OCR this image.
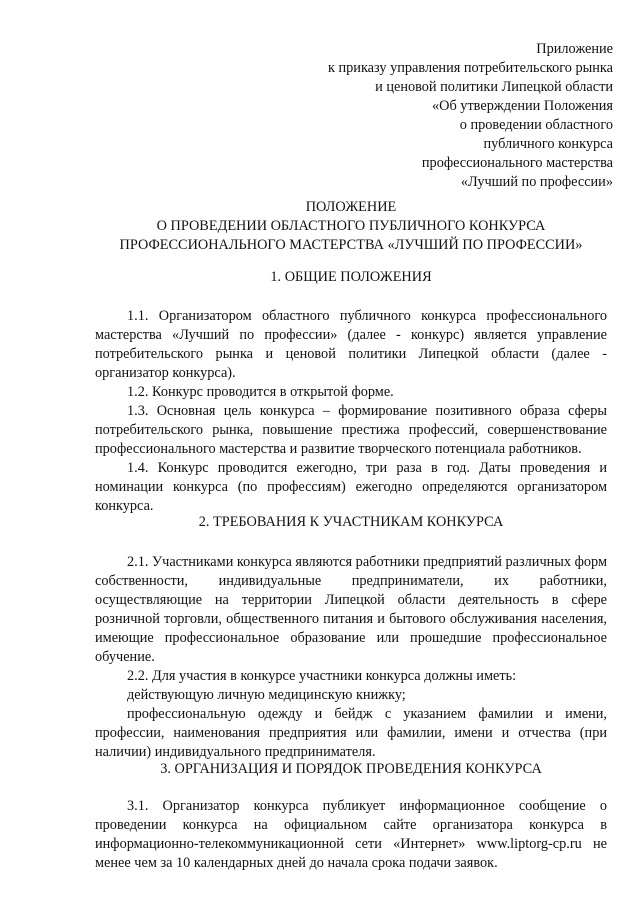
Приложение
к приказу управления потребительского рынка
и ценовой политики Липецкой области
«Об утверждении Положения
о проведении областного
публичного конкурса
профессионального мастерства
«Лучший по профессии»
ПОЛОЖЕНИЕ
О ПРОВЕДЕНИИ ОБЛАСТНОГО ПУБЛИЧНОГО КОНКУРСА
ПРОФЕССИОНАЛЬНОГО МАСТЕРСТВА «ЛУЧШИЙ ПО ПРОФЕССИИ»
1. ОБЩИЕ ПОЛОЖЕНИЯ

1.1. Организатором областного публичного конкурса профессионального мастерства «Лучший по профессии» (далее - конкурс) является управление потребительского рынка и ценовой политики Липецкой области (далее - организатор конкурса).

1.2. Конкурс проводится в открытой форме.

1.3. Основная цель конкурса – формирование позитивного образа сферы потребительского рынка, повышение престижа профессий, совершенствование профессионального мастерства и развитие творческого потенциала работников.

1.4. Конкурс проводится ежегодно, три раза в год. Даты проведения и номинации конкурса (по профессиям) ежегодно определяются организатором конкурса.

2. ТРЕБОВАНИЯ К УЧАСТНИКАМ КОНКУРСА

2.1. Участниками конкурса являются работники предприятий различных форм собственности, индивидуальные предприниматели, их работники, осуществляющие на территории Липецкой области деятельность в сфере розничной торговли, общественного питания и бытового обслуживания населения, имеющие профессиональное образование или прошедшие профессиональное обучение.

2.2. Для участия в конкурсе участники конкурса должны иметь:

действующую личную медицинскую книжку;

профессиональную одежду и бейдж с указанием фамилии и имени, профессии, наименования предприятия или фамилии, имени и отчества (при наличии) индивидуального предпринимателя.

3. ОРГАНИЗАЦИЯ И ПОРЯДОК ПРОВЕДЕНИЯ КОНКУРСА

3.1. Организатор конкурса публикует информационное сообщение о проведении конкурса на официальном сайте организатора конкурса в информационно-телекоммуникационной сети «Интернет» www.liptorg-cp.ru не менее чем за 10 календарных дней до начала срока подачи заявок.
